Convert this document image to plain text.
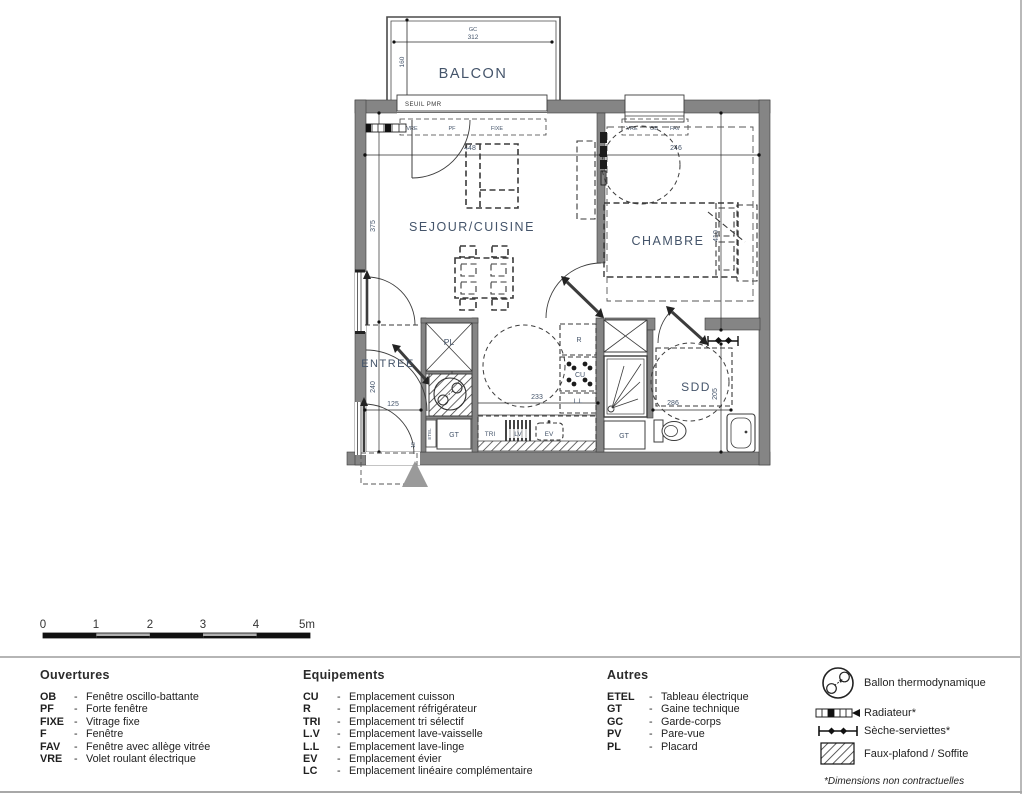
GC
312
160
BALCON
SEUIL PMR
VRE	PF	FIXE	VRE OB FAV
448	246
375
240
410
205
125
233
286
18
PL
GT	GT
ETEL
R
CU
L.L
TRI	LV	EV
SEJOUR/CUISINE
CHAMBRE
ENTREE
SDD
0	1	2	3	4	5m
Ouvertures
OB	- Fenêtre oscillo-battante
PF	- Forte fenêtre
FIXE - Vitrage fixe
F	- Fenêtre
FAV	- Fenêtre avec allège vitrée
VRE	- Volet roulant électrique
Equipements
CU	- Emplacement cuisson
R	- Emplacement réfrigérateur
TRI	- Emplacement tri sélectif
L.V	- Emplacement lave-vaisselle
L.L	- Emplacement lave-linge
EV	- Emplacement évier
LC	- Emplacement linéaire complémentaire
Autres
ETEL	- Tableau électrique
GT	- Gaine technique
GC	- Garde-corps
PV	- Pare-vue
PL	- Placard
Ballon thermodynamique
Radiateur*
Sèche-serviettes*
Faux-plafond / Soffite
*Dimensions non contractuelles
